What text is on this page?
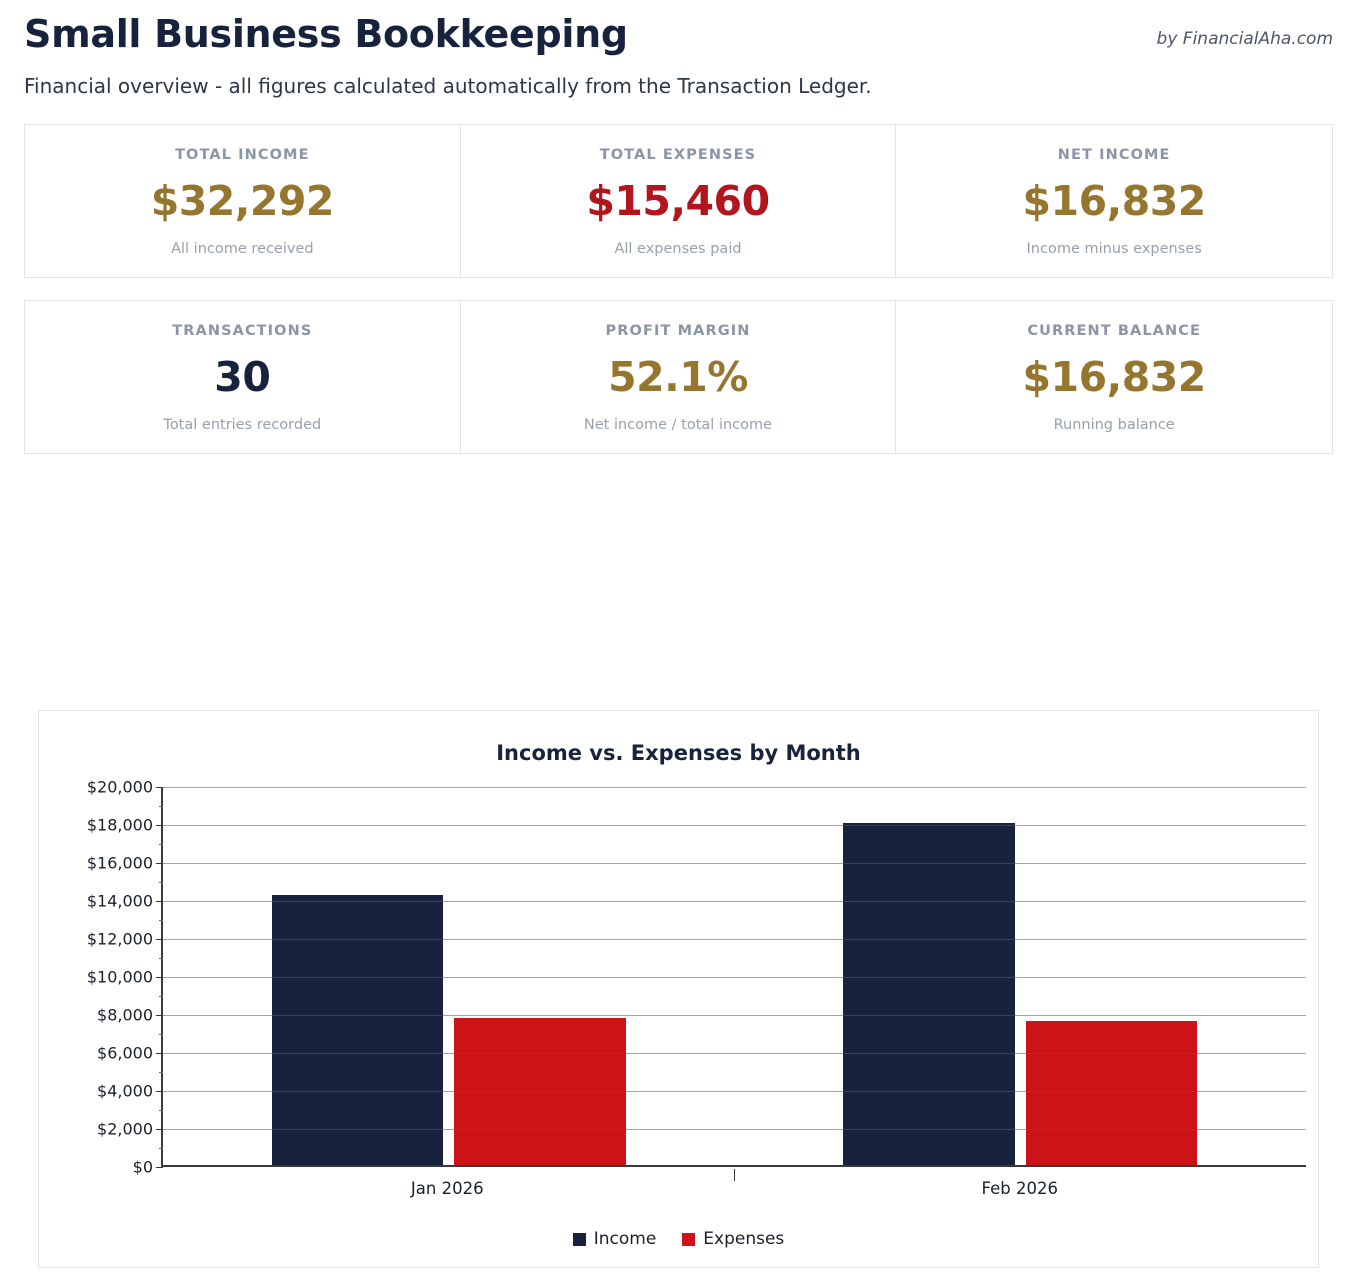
Small Business Bookkeeping	by FinancialAha.com
Financial overview - all figures calculated automatically from the Transaction Ledger.
TOTAL INCOME
$32,292
All income received
TOTAL EXPENSES
$15,460
All expenses paid
NET INCOME
$16,832
Income minus expenses
TRANSACTIONS
30
Total entries recorded
PROFIT MARGIN
52.1%
Net income / total income
CURRENT BALANCE
$16,832
Running balance
Income vs. Expenses by Month
$0
$2,000
$4,000
$6,000
$8,000
$10,000
$12,000
$14,000
$16,000
$18,000
$20,000
Jan 2026	Feb 2026
Income	Expenses
